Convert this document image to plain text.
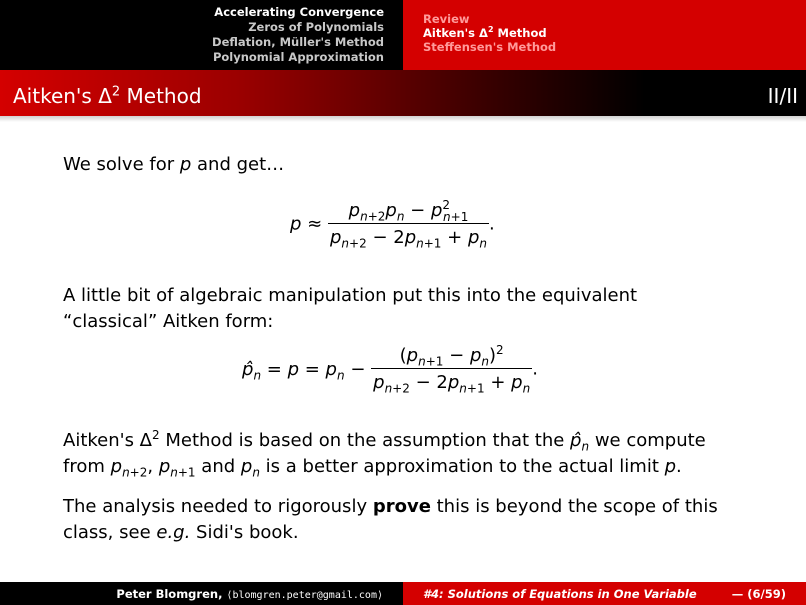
Accelerating Convergence
Zeros of Polynomials
Deflation, Müller's Method
Polynomial Approximation
Review
Aitken's $\Delta^2$ Method
Steffensen's Method
Aitken's $\Delta^2$ Method	II/II
We solve for p and get…
$p \approx \frac{p_{n+2}p_n - p^2_{n+1}}{p_{n+2} - 2p_{n+1} + p_n}$ .
A little bit of algebraic manipulation put this into the equivalent
“classical” Aitken form:
$p̂_n = p = p_n - \frac{(p_{n+1} - p_n)^2}{p_{n+2} - 2p_{n+1} + p_n}$ .
Aitken's $\Delta^2$ Method is based on the assumption that the $p̂_n$ we compute
from $p_{n+2}$, $p_{n+1}$ and $p_n$ is a better approximation to the actual limit p.
The analysis needed to rigorously prove this is beyond the scope of this
class, see e.g. Sidi's book.
Peter Blomgren, ⟨blomgren.peter@gmail.com⟩	#4: Solutions of Equations in One Variable	— (6/59)
